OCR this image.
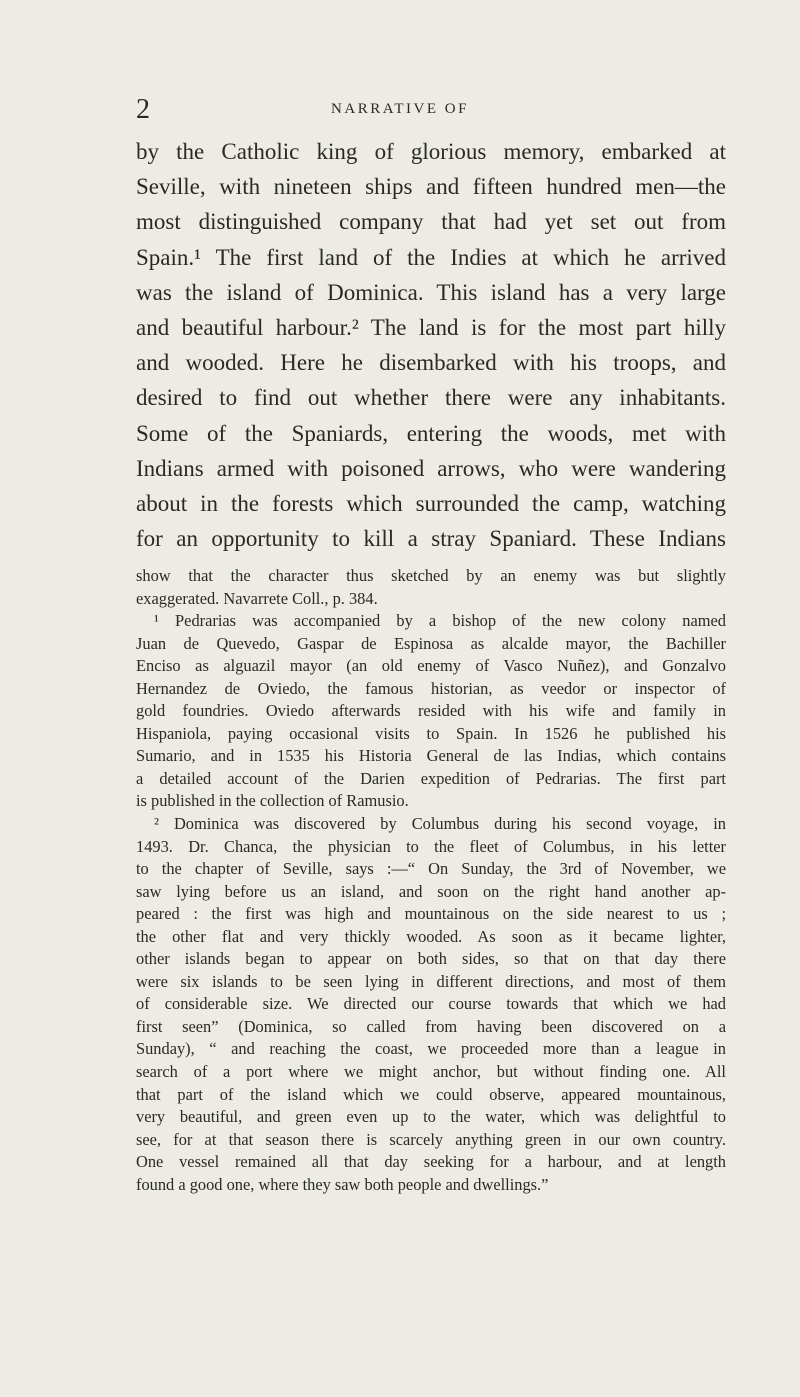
2	NARRATIVE OF
by the Catholic king of glorious memory, embarked at
Seville, with nineteen ships and fifteen hundred men—the
most distinguished company that had yet set out from
Spain.¹ The first land of the Indies at which he arrived
was the island of Dominica. This island has a very large
and beautiful harbour.² The land is for the most part hilly
and wooded. Here he disembarked with his troops, and
desired to find out whether there were any inhabitants.
Some of the Spaniards, entering the woods, met with
Indians armed with poisoned arrows, who were wandering
about in the forests which surrounded the camp, watching
for an opportunity to kill a stray Spaniard. These Indians
show that the character thus sketched by an enemy was but slightly
exaggerated. Navarrete Coll., p. 384.
¹ Pedrarias was accompanied by a bishop of the new colony named
Juan de Quevedo, Gaspar de Espinosa as alcalde mayor, the Bachiller
Enciso as alguazil mayor (an old enemy of Vasco Nuñez), and Gonzalvo
Hernandez de Oviedo, the famous historian, as veedor or inspector of
gold foundries. Oviedo afterwards resided with his wife and family in
Hispaniola, paying occasional visits to Spain. In 1526 he published his
Sumario, and in 1535 his Historia General de las Indias, which contains
a detailed account of the Darien expedition of Pedrarias. The first part
is published in the collection of Ramusio.
² Dominica was discovered by Columbus during his second voyage, in
1493. Dr. Chanca, the physician to the fleet of Columbus, in his letter
to the chapter of Seville, says :—“ On Sunday, the 3rd of November, we
saw lying before us an island, and soon on the right hand another ap-
peared : the first was high and mountainous on the side nearest to us ;
the other flat and very thickly wooded. As soon as it became lighter,
other islands began to appear on both sides, so that on that day there
were six islands to be seen lying in different directions, and most of them
of considerable size. We directed our course towards that which we had
first seen” (Dominica, so called from having been discovered on a
Sunday), “ and reaching the coast, we proceeded more than a league in
search of a port where we might anchor, but without finding one. All
that part of the island which we could observe, appeared mountainous,
very beautiful, and green even up to the water, which was delightful to
see, for at that season there is scarcely anything green in our own country.
One vessel remained all that day seeking for a harbour, and at length
found a good one, where they saw both people and dwellings.”
